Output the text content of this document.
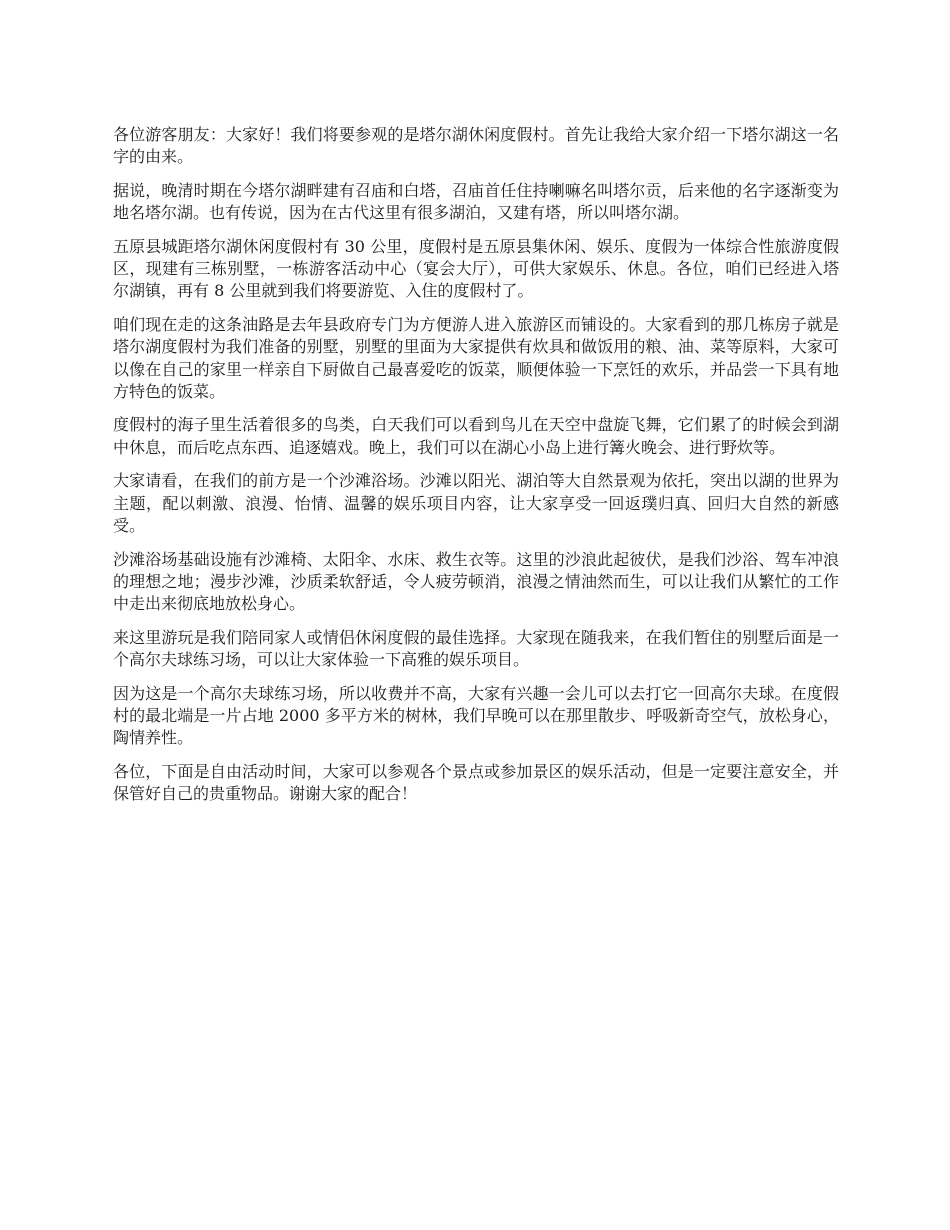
各位游客朋友：大家好！我们将要参观的是塔尔湖休闲度假村。首先让我给大家介绍一下塔尔湖这一名字的由来。

据说，晚清时期在今塔尔湖畔建有召庙和白塔，召庙首任住持喇嘛名叫塔尔贡，后来他的名字逐渐变为地名塔尔湖。也有传说，因为在古代这里有很多湖泊，又建有塔，所以叫塔尔湖。

五原县城距塔尔湖休闲度假村有 30 公里，度假村是五原县集休闲、娱乐、度假为一体综合性旅游度假区，现建有三栋别墅，一栋游客活动中心（宴会大厅），可供大家娱乐、休息。各位，咱们已经进入塔尔湖镇，再有 8 公里就到我们将要游览、入住的度假村了。

咱们现在走的这条油路是去年县政府专门为方便游人进入旅游区而铺设的。大家看到的那几栋房子就是塔尔湖度假村为我们准备的别墅，别墅的里面为大家提供有炊具和做饭用的粮、油、菜等原料，大家可以像在自己的家里一样亲自下厨做自己最喜爱吃的饭菜，顺便体验一下烹饪的欢乐，并品尝一下具有地方特色的饭菜。

度假村的海子里生活着很多的鸟类，白天我们可以看到鸟儿在天空中盘旋飞舞，它们累了的时候会到湖中休息，而后吃点东西、追逐嬉戏。晚上，我们可以在湖心小岛上进行篝火晚会、进行野炊等。

大家请看，在我们的前方是一个沙滩浴场。沙滩以阳光、湖泊等大自然景观为依托，突出以湖的世界为主题，配以刺激、浪漫、怡情、温馨的娱乐项目内容，让大家享受一回返璞归真、回归大自然的新感受。

沙滩浴场基础设施有沙滩椅、太阳伞、水床、救生衣等。这里的沙浪此起彼伏，是我们沙浴、驾车冲浪的理想之地；漫步沙滩，沙质柔软舒适，令人疲劳顿消，浪漫之情油然而生，可以让我们从繁忙的工作中走出来彻底地放松身心。

来这里游玩是我们陪同家人或情侣休闲度假的最佳选择。大家现在随我来，在我们暂住的别墅后面是一个高尔夫球练习场，可以让大家体验一下高雅的娱乐项目。

因为这是一个高尔夫球练习场，所以收费并不高，大家有兴趣一会儿可以去打它一回高尔夫球。在度假村的最北端是一片占地 2000 多平方米的树林，我们早晚可以在那里散步、呼吸新奇空气，放松身心，陶情养性。

各位，下面是自由活动时间，大家可以参观各个景点或参加景区的娱乐活动，但是一定要注意安全，并保管好自己的贵重物品。谢谢大家的配合！
